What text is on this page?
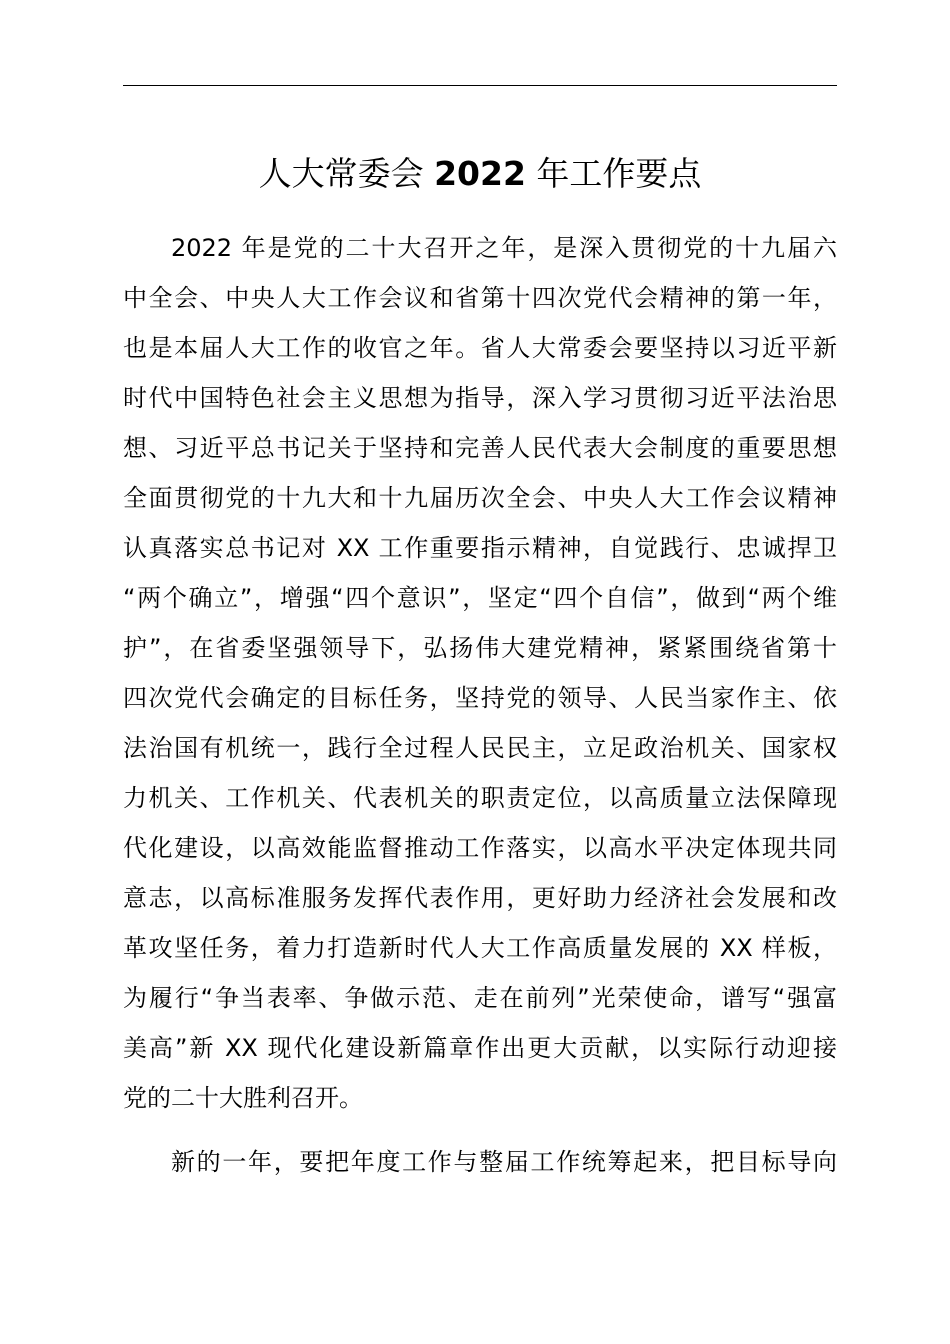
人大常委会 2022 年工作要点
2022 年是党的二十大召开之年，是深入贯彻党的十九届六
中全会、中央人大工作会议和省第十四次党代会精神的第一年，
也是本届人大工作的收官之年。省人大常委会要坚持以习近平新
时代中国特色社会主义思想为指导，深入学习贯彻习近平法治思
想、习近平总书记关于坚持和完善人民代表大会制度的重要思想
全面贯彻党的十九大和十九届历次全会、中央人大工作会议精神
认真落实总书记对 XX 工作重要指示精神，自觉践行、忠诚捍卫
“两个确立”，增强“四个意识”，坚定“四个自信”，做到“两个维
护”，在省委坚强领导下，弘扬伟大建党精神，紧紧围绕省第十
四次党代会确定的目标任务，坚持党的领导、人民当家作主、依
法治国有机统一，践行全过程人民民主，立足政治机关、国家权
力机关、工作机关、代表机关的职责定位，以高质量立法保障现
代化建设，以高效能监督推动工作落实，以高水平决定体现共同
意志，以高标准服务发挥代表作用，更好助力经济社会发展和改
革攻坚任务，着力打造新时代人大工作高质量发展的 XX 样板，
为履行“争当表率、争做示范、走在前列”光荣使命，谱写“强富
美高”新 XX 现代化建设新篇章作出更大贡献，以实际行动迎接
党的二十大胜利召开。
新的一年，要把年度工作与整届工作统筹起来，把目标导向
